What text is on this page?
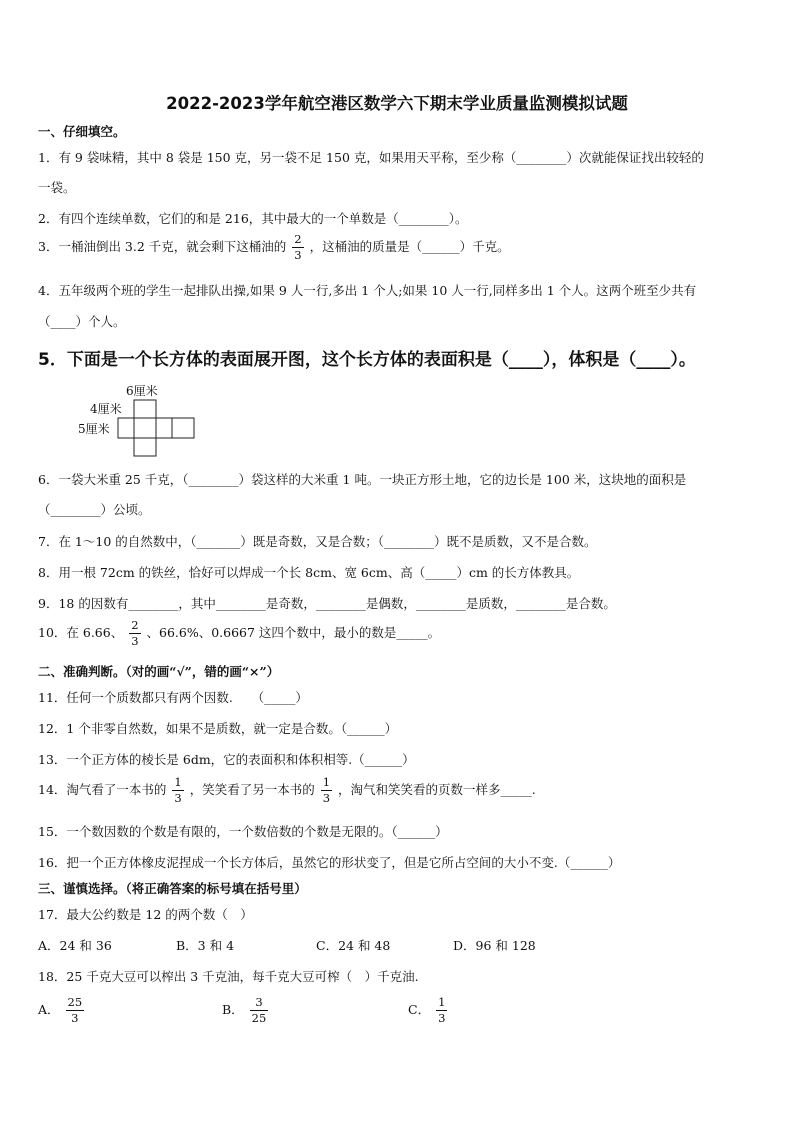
2022-2023学年航空港区数学六下期末学业质量监测模拟试题
一、仔细填空。
1．有 9 袋味精，其中 8 袋是 150 克，另一袋不足 150 克，如果用天平称，至少称（________）次就能保证找出较轻的
一袋。
2．有四个连续单数，它们的和是 216，其中最大的一个单数是（________）。
3．一桶油倒出 3.2 千克，就会剩下这桶油的 $\frac{2}{3}$ ，这桶油的质量是（______）千克。
4．五年级两个班的学生一起排队出操,如果 9 人一行,多出 1 个人;如果 10 人一行,同样多出 1 个人。这两个班至少共有
（____）个人。
5．下面是一个长方体的表面展开图，这个长方体的表面积是（____），体积是（____）。
6厘米
4厘米
5厘米
6．一袋大米重 25 千克，（________）袋这样的大米重 1 吨。一块正方形土地，它的边长是 100 米，这块地的面积是
（________）公顷。
7．在 1～10 的自然数中，（_______）既是奇数，又是合数；（________）既不是质数，又不是合数。
8．用一根 72cm 的铁丝，恰好可以焊成一个长 8cm、宽 6cm、高（_____）cm 的长方体教具。
9．18 的因数有________，其中________是奇数，________是偶数，________是质数，________是合数。
10．在 6.66、 $\frac{2}{3}$ 、66.6%、0.6667 这四个数中，最小的数是_____。
二、准确判断。（对的画“√”，错的画“×”）
11．任何一个质数都只有两个因数.　　（_____）
12．1 个非零自然数，如果不是质数，就一定是合数。（______）
13．一个正方体的棱长是 6dm，它的表面积和体积相等.（______）
14．淘气看了一本书的 $\frac{1}{3}$ ，笑笑看了另一本书的 $\frac{1}{3}$ ，淘气和笑笑看的页数一样多_____.
15．一个数因数的个数是有限的，一个数倍数的个数是无限的。（______）
16．把一个正方体橡皮泥捏成一个长方体后，虽然它的形状变了，但是它所占空间的大小不变.（______）
三、谨慎选择。（将正确答案的标号填在括号里）
17．最大公约数是 12 的两个数（　）
A．24 和 36	B．3 和 4	C．24 和 48	D．96 和 128
18．25 千克大豆可以榨出 3 千克油，每千克大豆可榨（　）千克油.
A． $\frac{25}{3}$	B． $\frac{3}{25}$	C． $\frac{1}{3}$
